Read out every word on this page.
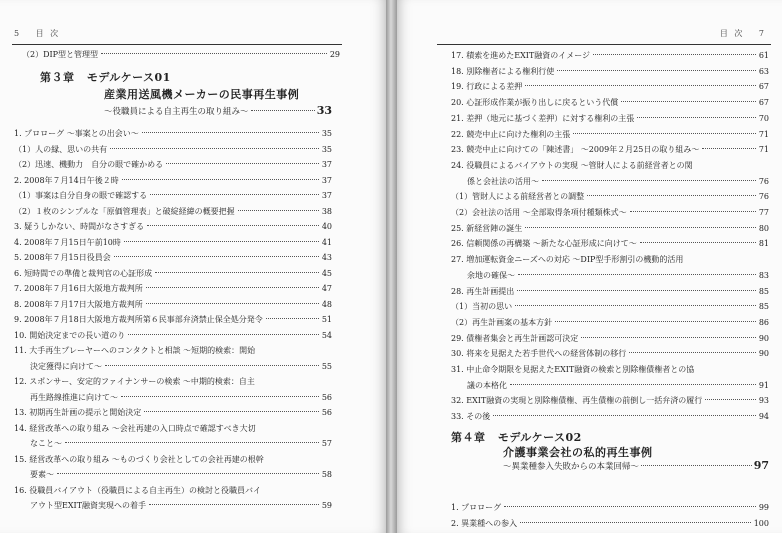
5 目 次
（2）DIP型と管理型	29
第３章 モデルケース01
産業用送風機メーカーの民事再生事例
～役職員による自主再生の取り組み～	33
1. プロローグ ～事案との出会い～	35
（1）人の縁、思いの共有	35
（2）迅速、機動力　自分の眼で確かめる	37
2. 2008年７月14日午後２時	37
（1）事案は自分自身の眼で確認する	37
（2）１枚のシンプルな「原価管理表」と破綻経緯の概要把握	38
3. 疑うしかない、時間がなさすぎる	40
4. 2008年７月15日午前10時	41
5. 2008年７月15日役員会	43
6. 短時間での準備と裁判官の心証形成	45
7. 2008年７月16日大阪地方裁判所	47
8. 2008年７月17日大阪地方裁判所	48
9. 2008年７月18日大阪地方裁判所第６民事部弁済禁止保全処分発令	51
10. 開始決定までの長い道のり	54
11. 大手再生プレーヤーへのコンタクトと相談 ～短期的検索：開始
　　決定獲得に向けて～	55
12. スポンサー、安定的ファイナンサーの検索 ～中期的検索：自主
　　再生路線推進に向けて～	56
13. 初期再生計画の提示と開始決定	56
14. 経営改革への取り組み ～会社再建の入口時点で確認すべき大切
　　なこと～	57
15. 経営改革への取り組み ～ものづくり会社としての会社再建の根幹
　　要素～	58
16. 役職員バイアウト（役職員による自主再生）の検討と役職員バイ
　　アウト型EXIT融資実現への着手	59
目 次 7
17. 積索を進めたEXIT融資のイメージ	61
18. 別除権者による権利行使	63
19. 行政による差押	67
20. 心証形成作業が振り出しに戻るという代償	67
21. 差押（地元に基づく差押）に対する権利の主張	70
22. 競売中止に向けた権利の主張	71
23. 競売中止に向けての「陳述書」 ～2009年２月25日の取り組み～	71
24. 役職員によるバイアウトの実現 ～管財人による前経営者との関
　　係と会社法の活用～	76
（1）管財人による前経営者との調整	76
（2）会社法の活用 ～全部取得条項付種類株式～	77
25. 新経営陣の誕生	80
26. 信頼関係の再構築 ～新たな心証形成に向けて～	81
27. 増加運転資金ニーズへの対応 ～DIP型手形割引の機動的活用
　　余地の確保～	83
28. 再生計画提出	85
（1）当初の思い	85
（2）再生計画案の基本方針	86
29. 債権者集会と再生計画認可決定	90
30. 将来を見据えた若手世代への経営体制の移行	90
31. 中止命令期限を見据えたEXIT融資の検索と別除権債権者との協
　　議の本格化	91
32. EXIT融資の実現と別除権債権、再生債権の前倒し一括弁済の履行	93
33. その後	94
第４章 モデルケース02
介護事業会社の私的再生事例
～異業種参入失敗からの本業回帰～	97
1. プロローグ	99
2. 異業種への参入	100
